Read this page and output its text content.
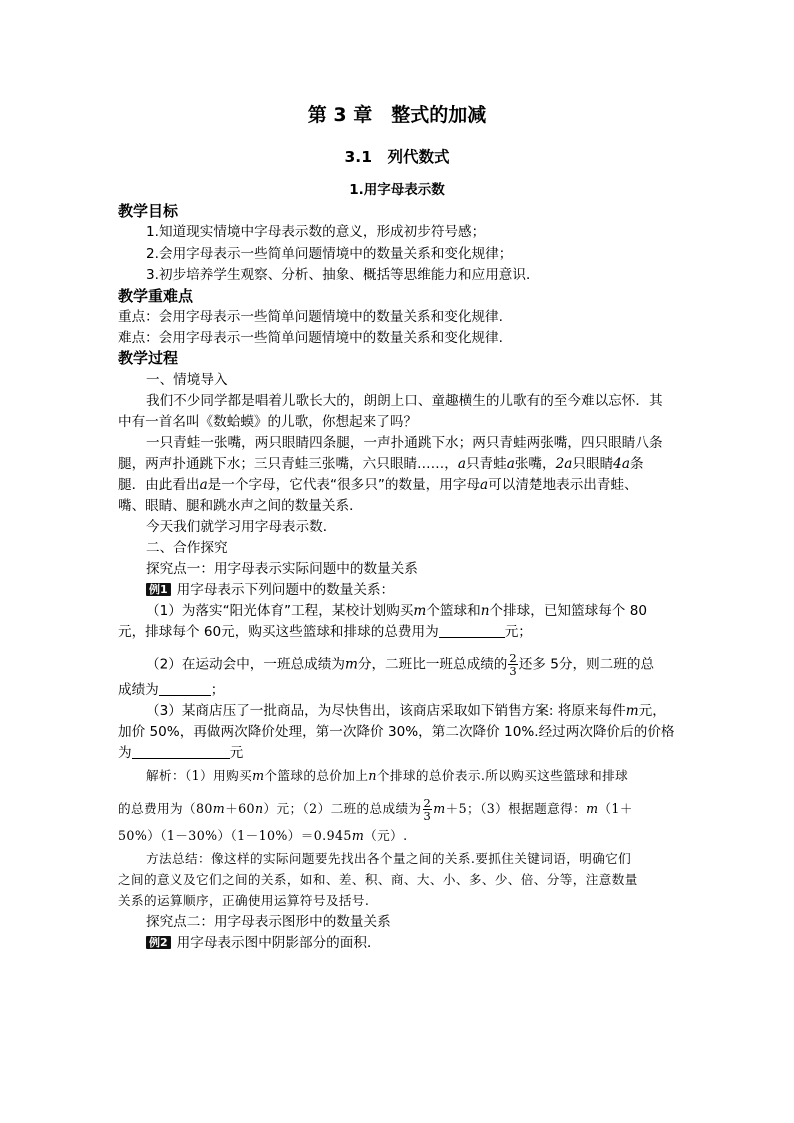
第 3 章　整式的加减
3.1　列代数式
1.用字母表示数
教学目标
1.知道现实情境中字母表示数的意义，形成初步符号感；
2.会用字母表示一些简单问题情境中的数量关系和变化规律；
3.初步培养学生观察、分析、抽象、概括等思维能力和应用意识．
教学重难点
重点：会用字母表示一些简单问题情境中的数量关系和变化规律.
难点：会用字母表示一些简单问题情境中的数量关系和变化规律.
教学过程
一、情境导入
我们不少同学都是唱着儿歌长大的，朗朗上口、童趣横生的儿歌有的至今难以忘怀．其
中有一首名叫《数蛤蟆》的儿歌，你想起来了吗？
一只青蛙一张嘴，两只眼睛四条腿，一声扑通跳下水；两只青蛙两张嘴，四只眼睛八条
腿，两声扑通跳下水；三只青蛙三张嘴，六只眼睛……，a只青蛙a张嘴，2a只眼睛4a条
腿．由此看出a是一个字母，它代表“很多只”的数量，用字母a可以清楚地表示出青蛙、
嘴、眼睛、腿和跳水声之间的数量关系．
今天我们就学习用字母表示数．
二、合作探究
探究点一：用字母表示实际问题中的数量关系
例1 用字母表示下列问题中的数量关系：
（1）为落实“阳光体育”工程，某校计划购买m个篮球和n个排球，已知篮球每个 80
元，排球每个 60元，购买这些篮球和排球的总费用为	元；
（2）在运动会中，一班总成绩为m分，二班比一班总成绩的 $\frac{2}{3}$ 还多 5分，则二班的总
成绩为	；
（3）某商店压了一批商品，为尽快售出，该商店采取如下销售方案: 将原来每件m元，
加价 50%，再做两次降价处理，第一次降价 30%，第二次降价 10%.经过两次降价后的价格
为	元
解析：（1）用购买m个篮球的总价加上n个排球的总价表示.所以购买这些篮球和排球
的总费用为（80m＋60n）元；（2）二班的总成绩为 $\frac{2}{3} m+5$；（3）根据题意得：m（1＋
50%）（1－30%）（1－10%）＝0.945m（元）.
方法总结：像这样的实际问题要先找出各个量之间的关系.要抓住关键词语，明确它们
之间的意义及它们之间的关系，如和、差、积、商、大、小、多、少、倍、分等，注意数量
关系的运算顺序，正确使用运算符号及括号.
探究点二：用字母表示图形中的数量关系
例2 用字母表示图中阴影部分的面积．
